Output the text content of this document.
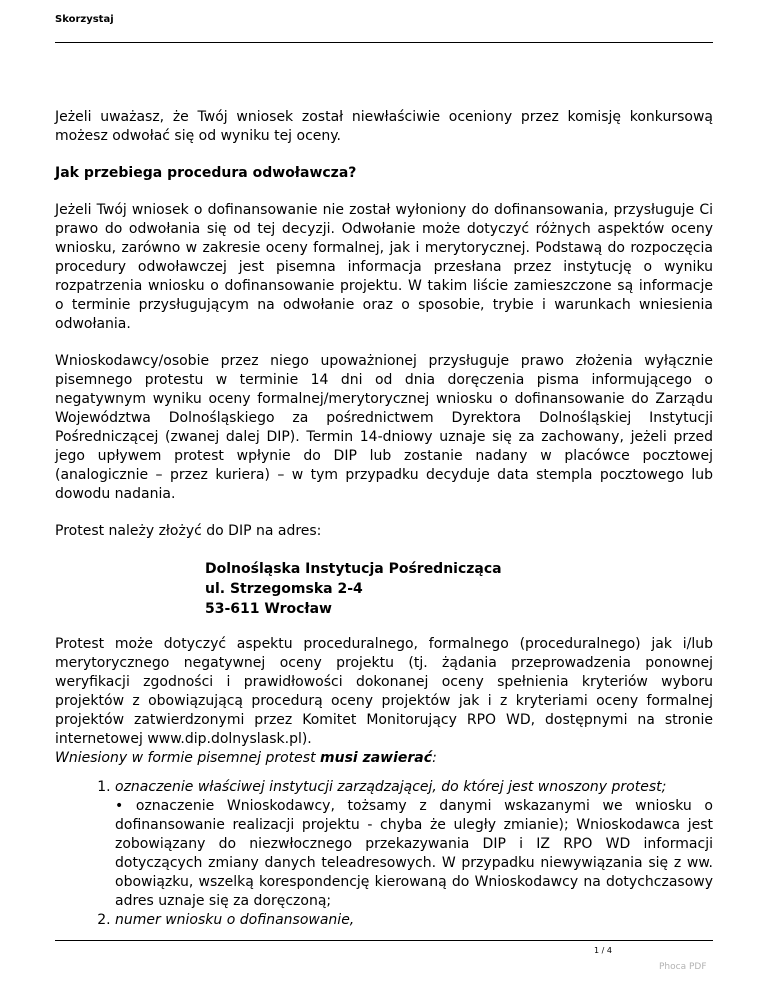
Skorzystaj

Jeżeli uważasz, że Twój wniosek został niewłaściwie oceniony przez komisję konkursową możesz odwołać się od wyniku tej oceny.

Jak przebiega procedura odwoławcza?

Jeżeli Twój wniosek o dofinansowanie nie został wyłoniony do dofinansowania, przysługuje Ci prawo do odwołania się od tej decyzji. Odwołanie może dotyczyć różnych aspektów oceny wniosku, zarówno w zakresie oceny formalnej, jak i merytorycznej. Podstawą do rozpoczęcia procedury odwoławczej jest pisemna informacja przesłana przez instytucję o wyniku rozpatrzenia wniosku o dofinansowanie projektu. W takim liście zamieszczone są informacje o terminie przysługującym na odwołanie oraz o sposobie, trybie i warunkach wniesienia odwołania.

Wnioskodawcy/osobie przez niego upoważnionej przysługuje prawo złożenia wyłącznie pisemnego protestu w terminie 14 dni od dnia doręczenia pisma informującego o negatywnym wyniku oceny formalnej/merytorycznej wniosku o dofinansowanie do Zarządu Województwa Dolnośląskiego za pośrednictwem Dyrektora Dolnośląskiej Instytucji Pośredniczącej (zwanej dalej DIP). Termin 14-dniowy uznaje się za zachowany, jeżeli przed jego upływem protest wpłynie do DIP lub zostanie nadany w placówce pocztowej (analogicznie – przez kuriera) – w tym przypadku decyduje data stempla pocztowego lub dowodu nadania.

Protest należy złożyć do DIP na adres:

Dolnośląska Instytucja Pośrednicząca
ul. Strzegomska 2-4
53-611 Wrocław

Protest może dotyczyć aspektu proceduralnego, formalnego (proceduralnego) jak i/lub merytorycznego negatywnej oceny projektu (tj. żądania przeprowadzenia ponownej weryfikacji zgodności i prawidłowości dokonanej oceny spełnienia kryteriów wyboru projektów z obowiązującą procedurą oceny projektów jak i z kryteriami oceny formalnej projektów zatwierdzonymi przez Komitet Monitorujący RPO WD, dostępnymi na stronie internetowej www.dip.dolnyslask.pl).
Wniesiony w formie pisemnej protest musi zawierać:

1. oznaczenie właściwej instytucji zarządzającej, do której jest wnoszony protest;
• oznaczenie Wnioskodawcy, tożsamy z danymi wskazanymi we wniosku o dofinansowanie realizacji projektu - chyba że uległy zmianie); Wnioskodawca jest zobowiązany do niezwłocznego przekazywania DIP i IZ RPO WD informacji dotyczących zmiany danych teleadresowych. W przypadku niewywiązania się z ww. obowiązku, wszelką korespondencję kierowaną do Wnioskodawcy na dotychczasowy adres uznaje się za doręczoną;
2. numer wniosku o dofinansowanie,
1 / 4
Phoca PDF
